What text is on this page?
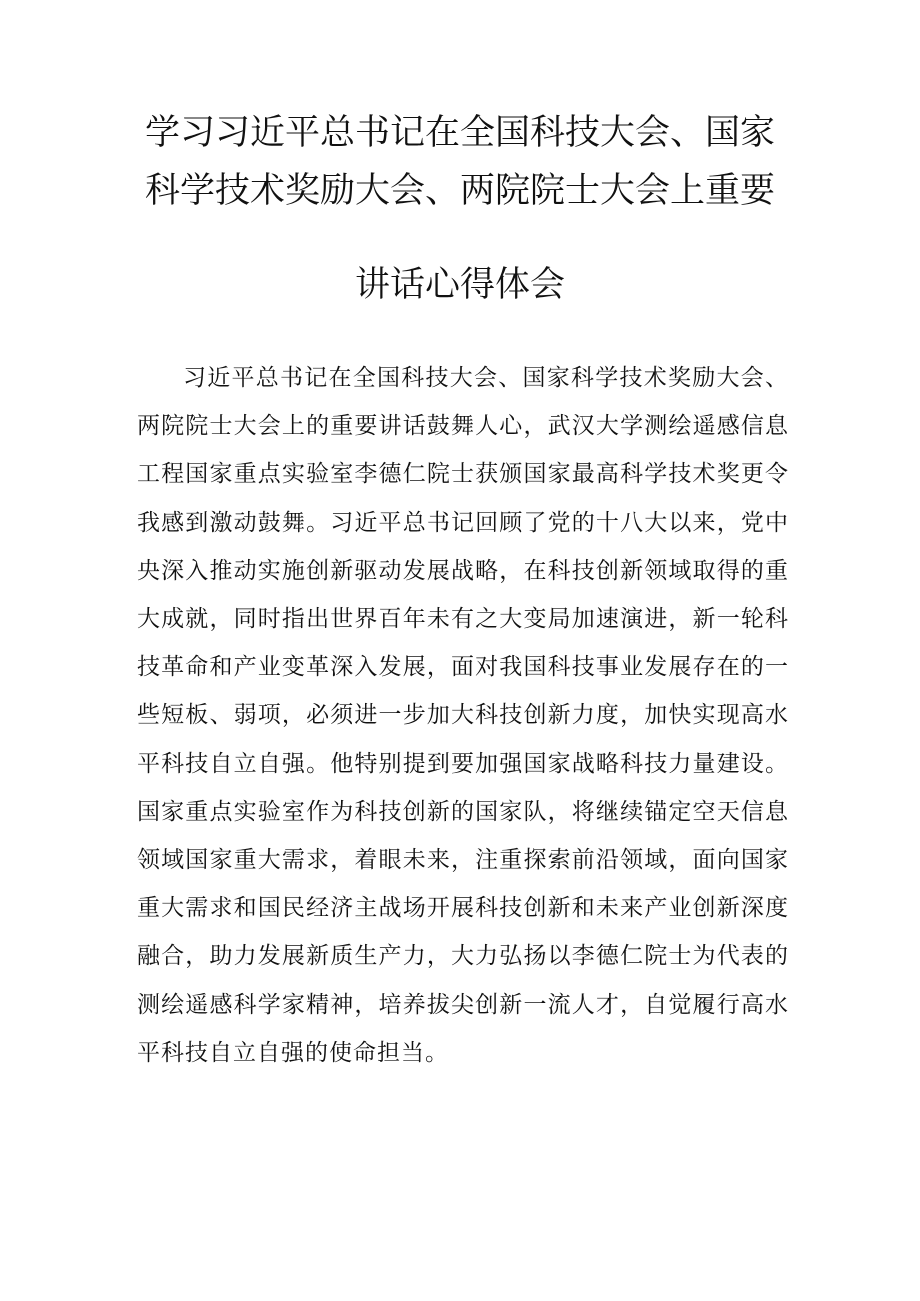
学习习近平总书记在全国科技大会、国家
科学技术奖励大会、两院院士大会上重要
讲话心得体会

习近平总书记在全国科技大会、国家科学技术奖励大会、两院院士大会上的重要讲话鼓舞人心，武汉大学测绘遥感信息工程国家重点实验室李德仁院士获颁国家最高科学技术奖更令我感到激动鼓舞。习近平总书记回顾了党的十八大以来，党中央深入推动实施创新驱动发展战略，在科技创新领域取得的重大成就，同时指出世界百年未有之大变局加速演进，新一轮科技革命和产业变革深入发展，面对我国科技事业发展存在的一些短板、弱项，必须进一步加大科技创新力度，加快实现高水平科技自立自强。他特别提到要加强国家战略科技力量建设。国家重点实验室作为科技创新的国家队，将继续锚定空天信息领域国家重大需求，着眼未来，注重探索前沿领域，面向国家重大需求和国民经济主战场开展科技创新和未来产业创新深度融合，助力发展新质生产力，大力弘扬以李德仁院士为代表的测绘遥感科学家精神，培养拔尖创新一流人才，自觉履行高水平科技自立自强的使命担当。
